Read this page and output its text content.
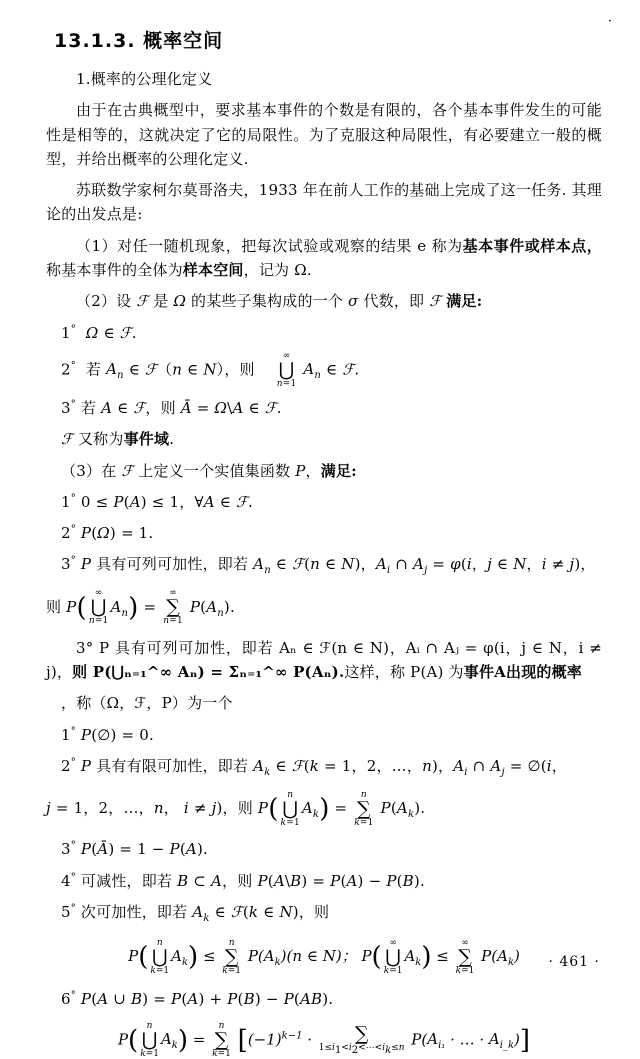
·
13.1.3. 概率空间

1.概率的公理化定义

由于在古典概型中，要求基本事件的个数是有限的，各个基本事件发生的可能性是相等的，这就决定了它的局限性。为了克服这种局限性，有必要建立一般的概型，并给出概率的公理化定义.

苏联数学家柯尔莫哥洛夫，1933 年在前人工作的基础上完成了这一任务. 其理论的出发点是:

（1）对任一随机现象，把每次试验或观察的结果 e 称为基本事件或样本点，称基本事件的全体为样本空间，记为 Ω.

（2）设 ℱ 是 Ω 的某些子集构成的一个 σ 代数，即 ℱ 满足:

1° Ω ∈ ℱ.

2°  若 $A_n$ ∈ ℱ（n ∈ N），则
∞
⋃
n=1
$A_n$ ∈ ℱ.

3° 若 A ∈ ℱ，则 Ā = Ω\A ∈ ℱ.

ℱ 又称为事件域.

（3）在 ℱ 上定义一个实值集函数 P，满足:

1° 0 ≤ P(A) ≤ 1，∀A ∈ ℱ.

2° P(Ω) = 1.

3° P 具有可列可加性，即若 $A_n$ ∈ ℱ(n ∈ N)，$A_i$ ∩ $A_j = \varphi(i$，j ∈ N，i ≠ j)，

则 P( ∞
⋃
n=1
$A_n$) =
∞
∑
n=1
$P(A_n)$.

3° P 具有可列可加性，即若 Aₙ ∈ ℱ(n ∈ N)，Aᵢ ∩ Aⱼ = φ(i，j ∈ N，i ≠ j)，则 P(⋃ₙ₌₁^∞ Aₙ) = Σₙ₌₁^∞ P(Aₙ).这样，称 P(A) 为事件A出现的概率

，称（Ω，ℱ，P）为一个

1° P(∅) = 0.

2° P 具有有限可加性，即若 $A_k$ ∈ ℱ(k = 1，2，…，n)，$A_i$ ∩ $A_j$ = ∅(i，

j = 1，2，…，n， i ≠ j)，则 P( n
⋃
k=1
$A_k$) =
n
∑
k=1
$P(A_k)$.

3° P(Ā) = 1 − P(A).

4° 可减性，即若 B ⊂ A，则 P(A\B) = P(A) − P(B).

5° 次可加性，即若 $A_k$ ∈ ℱ(k ∈ N)，则

P( n
⋃
k=1
$A_k$) ≤
n
∑
k=1
$P(A_k)(n$ ∈ N)； P( ∞
⋃
k=1
$A_k$) ≤
∞
∑
k=1
$P(A_k)$

6° P(A ∪ B) = P(A) + P(B) − P(AB).

P( n
⋃
k=1
$A_k$) =
n
∑
k=1 [$(-1)^{k-1}$ ·	∑
1≤i1<i2<⋯<ik≤n $P(A_{i_1}$ · … · $A_{i\_k}$)]
· 461 ·
